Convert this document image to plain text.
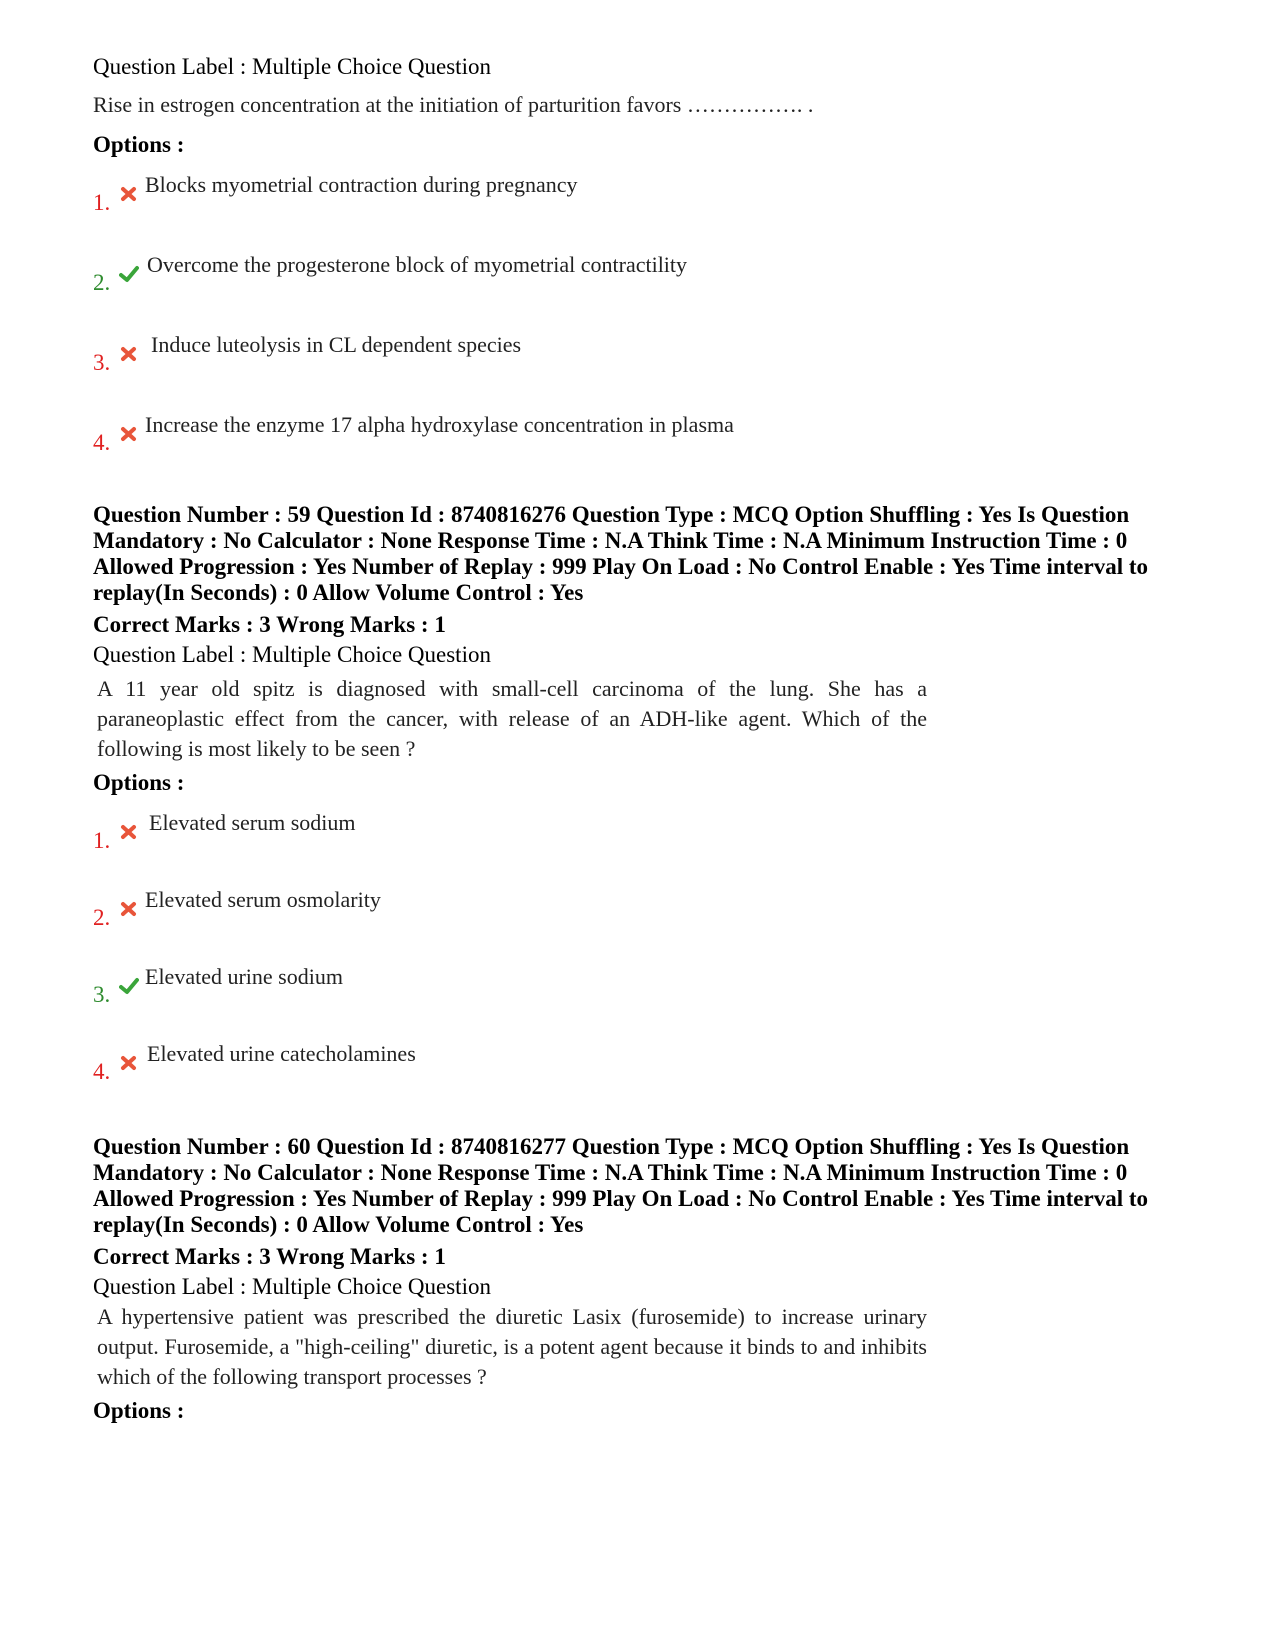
Question Label : Multiple Choice Question

Rise in estrogen concentration at the initiation of parturition favors ……………. .

Options :

1.
Blocks myometrial contraction during pregnancy
2.
Overcome the progesterone block of myometrial contractility
3.
Induce luteolysis in CL dependent species
4.
Increase the enzyme 17 alpha hydroxylase concentration in plasma

Question Number : 59 Question Id : 8740816276 Question Type : MCQ Option Shuffling : Yes Is Question Mandatory : No Calculator : None Response Time : N.A Think Time : N.A Minimum Instruction Time : 0 Allowed Progression : Yes Number of Replay : 999 Play On Load : No Control Enable : Yes Time interval to replay(In Seconds) : 0 Allow Volume Control : Yes

Correct Marks : 3 Wrong Marks : 1

Question Label : Multiple Choice Question

A 11 year old spitz is diagnosed with small-cell carcinoma of the lung. She has a paraneoplastic effect from the cancer, with release of an ADH-like agent. Which of the following is most likely to be seen ?

Options :

1.
Elevated serum sodium
2.
Elevated serum osmolarity
3.
Elevated urine sodium
4.
Elevated urine catecholamines

Question Number : 60 Question Id : 8740816277 Question Type : MCQ Option Shuffling : Yes Is Question Mandatory : No Calculator : None Response Time : N.A Think Time : N.A Minimum Instruction Time : 0 Allowed Progression : Yes Number of Replay : 999 Play On Load : No Control Enable : Yes Time interval to replay(In Seconds) : 0 Allow Volume Control : Yes

Correct Marks : 3 Wrong Marks : 1

Question Label : Multiple Choice Question

A hypertensive patient was prescribed the diuretic Lasix (furosemide) to increase urinary output. Furosemide, a "high-ceiling" diuretic, is a potent agent because it binds to and inhibits which of the following transport processes ?

Options :
